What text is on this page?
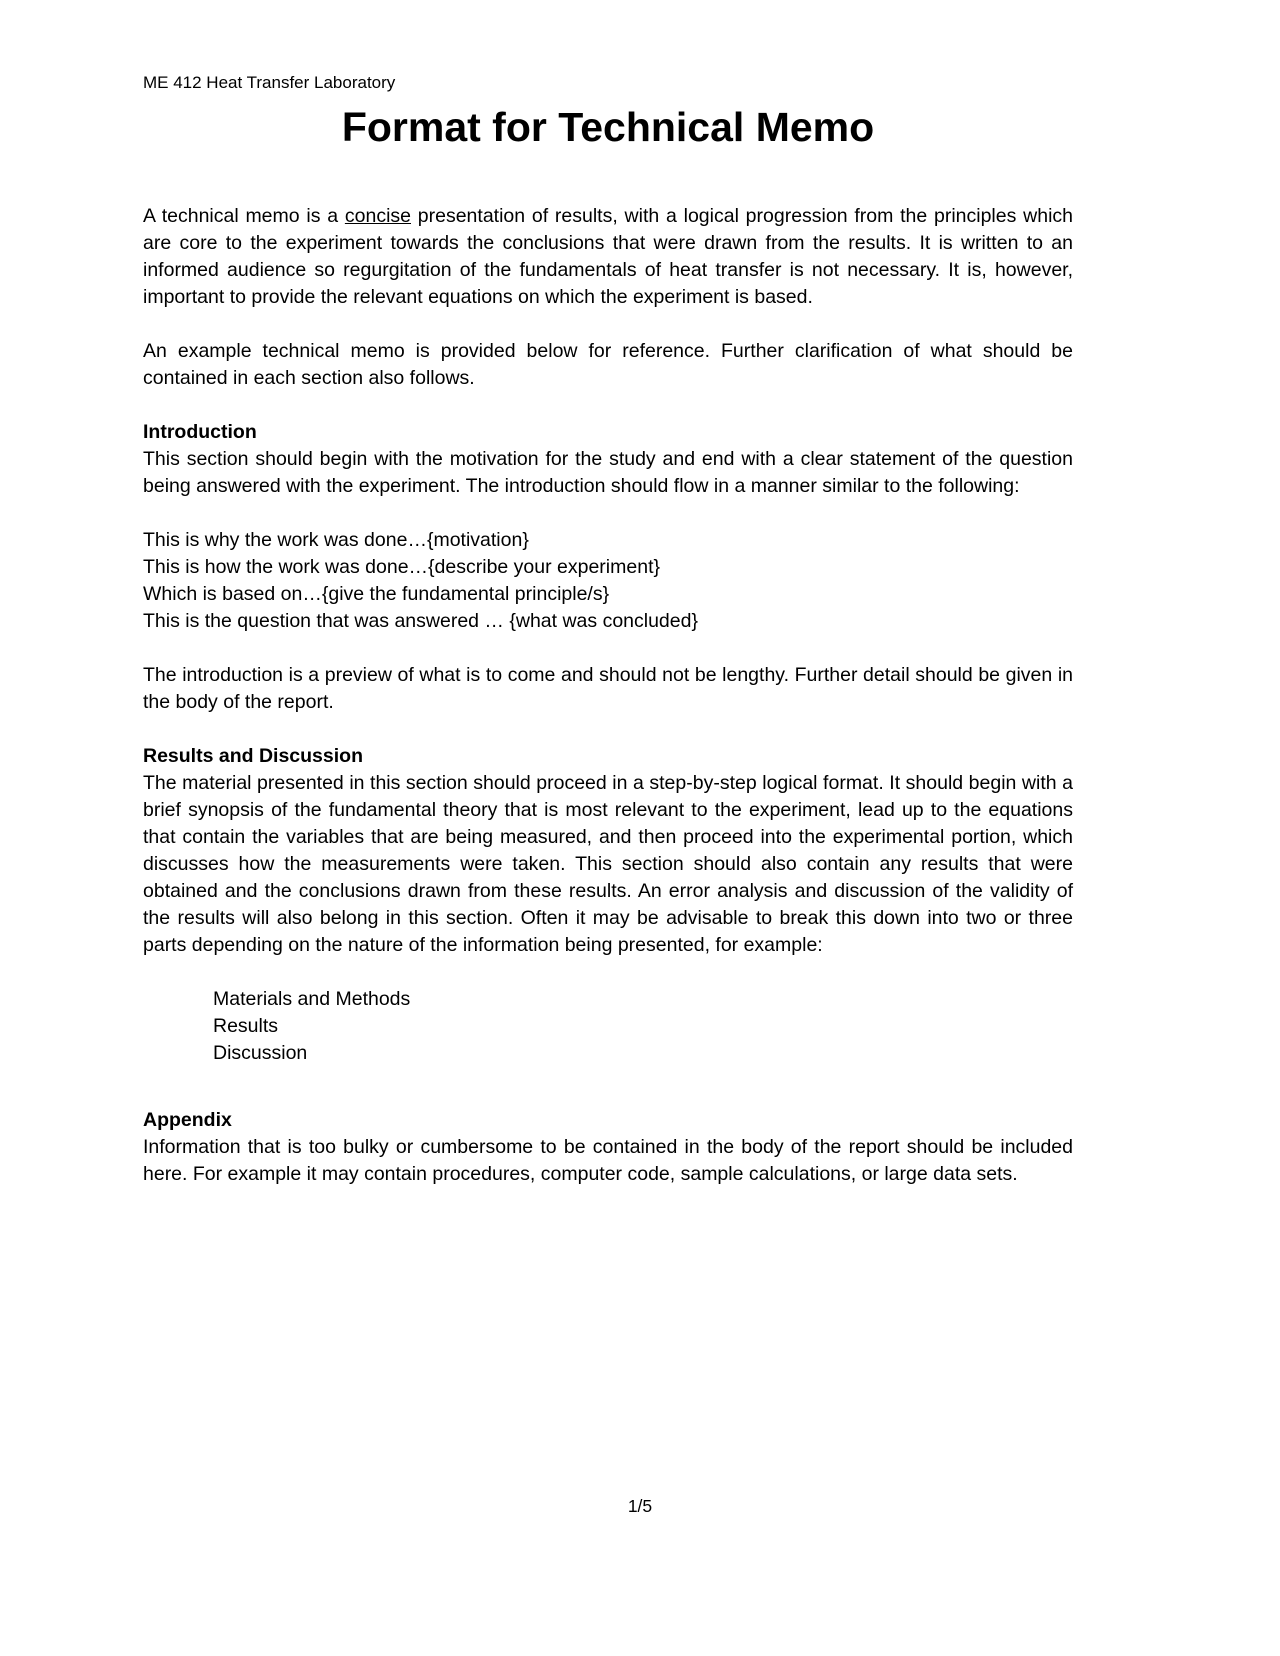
ME 412 Heat Transfer Laboratory
Format for Technical Memo

A technical memo is a concise presentation of results, with a logical progression from the principles which are core to the experiment towards the conclusions that were drawn from the results. It is written to an informed audience so regurgitation of the fundamentals of heat transfer is not necessary. It is, however, important to provide the relevant equations on which the experiment is based.

An example technical memo is provided below for reference. Further clarification of what should be contained in each section also follows.

Introduction

This section should begin with the motivation for the study and end with a clear statement of the question being answered with the experiment. The introduction should flow in a manner similar to the following:

This is why the work was done…{motivation}
This is how the work was done…{describe your experiment}
Which is based on…{give the fundamental principle/s}
This is the question that was answered … {what was concluded}

The introduction is a preview of what is to come and should not be lengthy. Further detail should be given in the body of the report.

Results and Discussion

The material presented in this section should proceed in a step-by-step logical format. It should begin with a brief synopsis of the fundamental theory that is most relevant to the experiment, lead up to the equations that contain the variables that are being measured, and then proceed into the experimental portion, which discusses how the measurements were taken. This section should also contain any results that were obtained and the conclusions drawn from these results. An error analysis and discussion of the validity of the results will also belong in this section. Often it may be advisable to break this down into two or three parts depending on the nature of the information being presented, for example:

Materials and Methods
Results
Discussion
Appendix

Information that is too bulky or cumbersome to be contained in the body of the report should be included here. For example it may contain procedures, computer code, sample calculations, or large data sets.

1/5
